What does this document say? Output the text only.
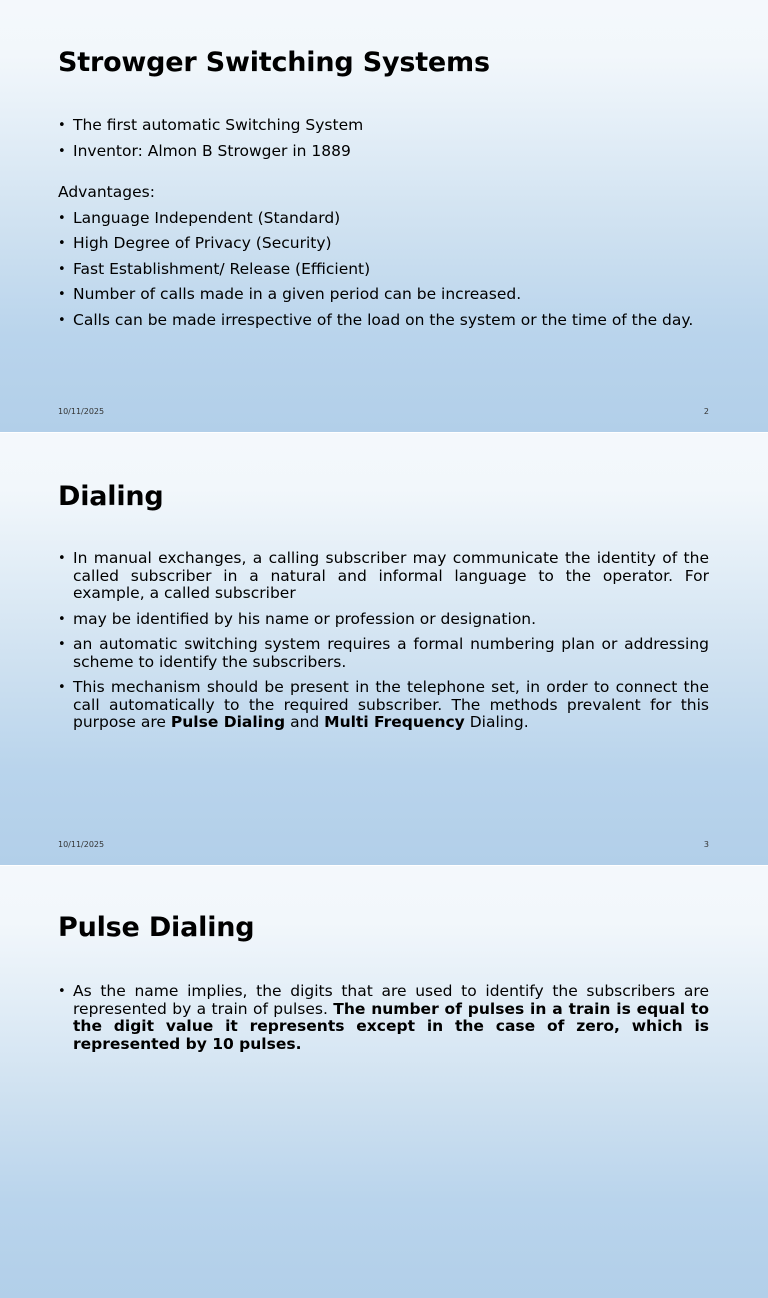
Strowger Switching Systems
• The first automatic Switching System
• Inventor: Almon B Strowger in 1889
Advantages:
• Language Independent (Standard)
• High Degree of Privacy (Security)
• Fast Establishment/ Release (Efficient)
• Number of calls made in a given period can be increased.
• Calls can be made irrespective of the load on the system or the time of the day.
10/11/2025	2
Dialing
• In manual exchanges, a calling subscriber may communicate the identity of the called subscriber in a natural and informal language to the operator. For example, a called subscriber
• may be identified by his name or profession or designation.
• an automatic switching system requires a formal numbering plan or addressing scheme to identify the subscribers.
• This mechanism should be present in the telephone set, in order to connect the call automatically to the required subscriber. The methods prevalent for this purpose are Pulse Dialing and Multi Frequency Dialing.
10/11/2025	3
Pulse Dialing
• As the name implies, the digits that are used to identify the subscribers are represented by a train of pulses. The number of pulses in a train is equal to the digit value it represents except in the case of zero, which is represented by 10 pulses.
